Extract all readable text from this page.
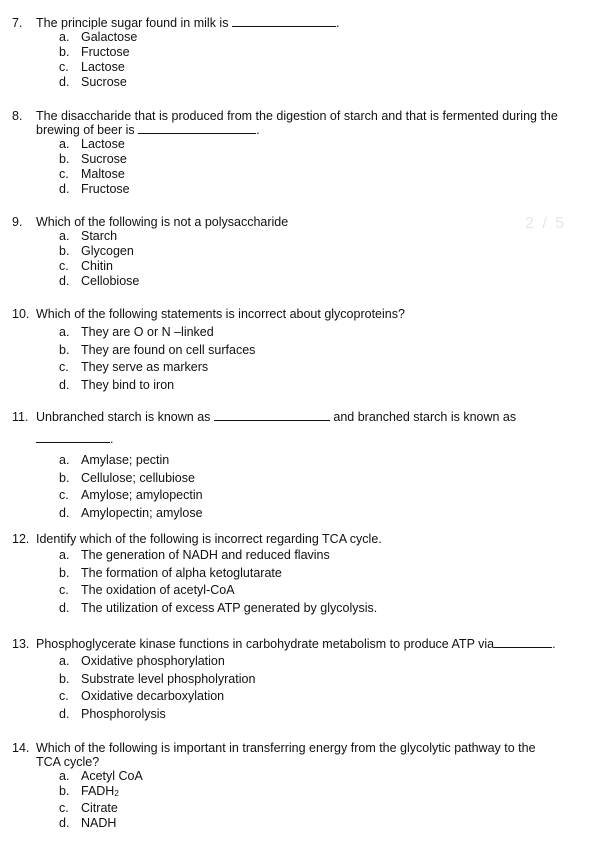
2 / 5
7.	The principle sugar found in milk is	.
a. Galactose
b. Fructose
c. Lactose
d. Sucrose
8.	The disaccharide that is produced from the digestion of starch and that is fermented during the
brewing of beer is	.
a. Lactose
b. Sucrose
c. Maltose
d. Fructose
9.	Which of the following is not a polysaccharide
a. Starch
b. Glycogen
c. Chitin
d. Cellobiose
10. Which of the following statements is incorrect about glycoproteins?
a. They are O or N –linked
b. They are found on cell surfaces
c. They serve as markers
d. They bind to iron
11. Unbranched starch is known as	and branched starch is known as
.
a. Amylase; pectin
b. Cellulose; cellubiose
c. Amylose; amylopectin
d. Amylopectin; amylose
12. Identify which of the following is incorrect regarding TCA cycle.
a. The generation of NADH and reduced flavins
b. The formation of alpha ketoglutarate
c. The oxidation of acetyl-CoA
d. The utilization of excess ATP generated by glycolysis.
13. Phosphoglycerate kinase functions in carbohydrate metabolism to produce ATP via	.
a. Oxidative phosphorylation
b. Substrate level phospholyration
c. Oxidative decarboxylation
d. Phosphorolysis
14. Which of the following is important in transferring energy from the glycolytic pathway to the
TCA cycle?
a. Acetyl CoA
b. $FADH_2$
c. Citrate
d. NADH
